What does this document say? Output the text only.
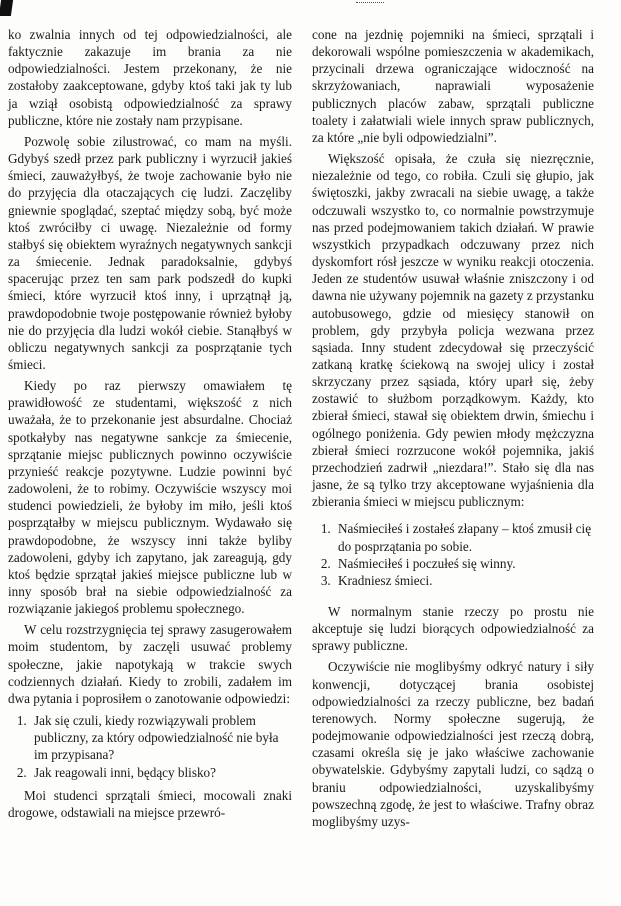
ko zwalnia innych od tej odpowiedzialności, ale faktycznie zakazuje im brania za nie odpowiedzialności. Jestem przekonany, że nie zostałoby zaakceptowane, gdyby ktoś taki jak ty lub ja wziął osobistą odpowiedzialność za sprawy publiczne, które nie zostały nam przypisane.

Pozwolę sobie zilustrować, co mam na myśli. Gdybyś szedł przez park publiczny i wyrzucił jakieś śmieci, zauważyłbyś, że twoje zachowanie było nie do przyjęcia dla otaczających cię ludzi. Zaczęliby gniewnie spoglądać, szeptać między sobą, być może ktoś zwróciłby ci uwagę. Niezależnie od formy stałbyś się obiektem wyraźnych negatywnych sankcji za śmiecenie. Jednak paradoksalnie, gdybyś spacerując przez ten sam park podszedł do kupki śmieci, które wyrzucił ktoś inny, i uprzątnął ją, prawdopodobnie twoje postępowanie również byłoby nie do przyjęcia dla ludzi wokół ciebie. Stanąłbyś w obliczu negatywnych sankcji za posprzątanie tych śmieci.

Kiedy po raz pierwszy omawiałem tę prawidłowość ze studentami, większość z nich uważała, że to przekonanie jest absurdalne. Chociaż spotkałyby nas negatywne sankcje za śmiecenie, sprzątanie miejsc publicznych powinno oczywiście przynieść reakcje pozytywne. Ludzie powinni być zadowoleni, że to robimy. Oczywiście wszyscy moi studenci powiedzieli, że byłoby im miło, jeśli ktoś posprzątałby w miejscu publicznym. Wydawało się prawdopodobne, że wszyscy inni także byliby zadowoleni, gdyby ich zapytano, jak zareagują, gdy ktoś będzie sprzątał jakieś miejsce publiczne lub w inny sposób brał na siebie odpowiedzialność za rozwiązanie jakiegoś problemu społecznego.

W celu rozstrzygnięcia tej sprawy zasugerowałem moim studentom, by zaczęli usuwać problemy społeczne, jakie napotykają w trakcie swych codziennych działań. Kiedy to zrobili, zadałem im dwa pytania i poprosiłem o zanotowanie odpowiedzi:

1. Jak się czuli, kiedy rozwiązywali problem publiczny, za który odpowiedzialność nie była im przypisana?
2. Jak reagowali inni, będący blisko?

Moi studenci sprzątali śmieci, mocowali znaki drogowe, odstawiali na miejsce przewró-

cone na jezdnię pojemniki na śmieci, sprzątali i dekorowali wspólne pomieszczenia w akademikach, przycinali drzewa ograniczające widoczność na skrzyżowaniach, naprawiali wyposażenie publicznych placów zabaw, sprzątali publiczne toalety i załatwiali wiele innych spraw publicznych, za które „nie byli odpowiedzialni”.

Większość opisała, że czuła się niezręcznie, niezależnie od tego, co robiła. Czuli się głupio, jak świętoszki, jakby zwracali na siebie uwagę, a także odczuwali wszystko to, co normalnie powstrzymuje nas przed podejmowaniem takich działań. W prawie wszystkich przypadkach odczuwany przez nich dyskomfort rósł jeszcze w wyniku reakcji otoczenia. Jeden ze studentów usuwał właśnie zniszczony i od dawna nie używany pojemnik na gazety z przystanku autobusowego, gdzie od miesięcy stanowił on problem, gdy przybyła policja wezwana przez sąsiada. Inny student zdecydował się przeczyścić zatkaną kratkę ściekową na swojej ulicy i został skrzyczany przez sąsiada, który uparł się, żeby zostawić to służbom porządkowym. Każdy, kto zbierał śmieci, stawał się obiektem drwin, śmiechu i ogólnego poniżenia. Gdy pewien młody mężczyzna zbierał śmieci rozrzucone wokół pojemnika, jakiś przechodzień zadrwił „niezdara!”. Stało się dla nas jasne, że są tylko trzy akceptowane wyjaśnienia dla zbierania śmieci w miejscu publicznym:

1. Naśmieciłeś i zostałeś złapany – ktoś zmusił cię do posprzątania po sobie.
2. Naśmieciłeś i poczułeś się winny.
3. Kradniesz śmieci.

W normalnym stanie rzeczy po prostu nie akceptuje się ludzi biorących odpowiedzialność za sprawy publiczne.

Oczywiście nie moglibyśmy odkryć natury i siły konwencji, dotyczącej brania osobistej odpowiedzialności za rzeczy publiczne, bez badań terenowych. Normy społeczne sugerują, że podejmowanie odpowiedzialności jest rzeczą dobrą, czasami określa się je jako właściwe zachowanie obywatelskie. Gdybyśmy zapytali ludzi, co sądzą o braniu odpowiedzialności, uzyskalibyśmy powszechną zgodę, że jest to właściwe. Trafny obraz moglibyśmy uzys-
